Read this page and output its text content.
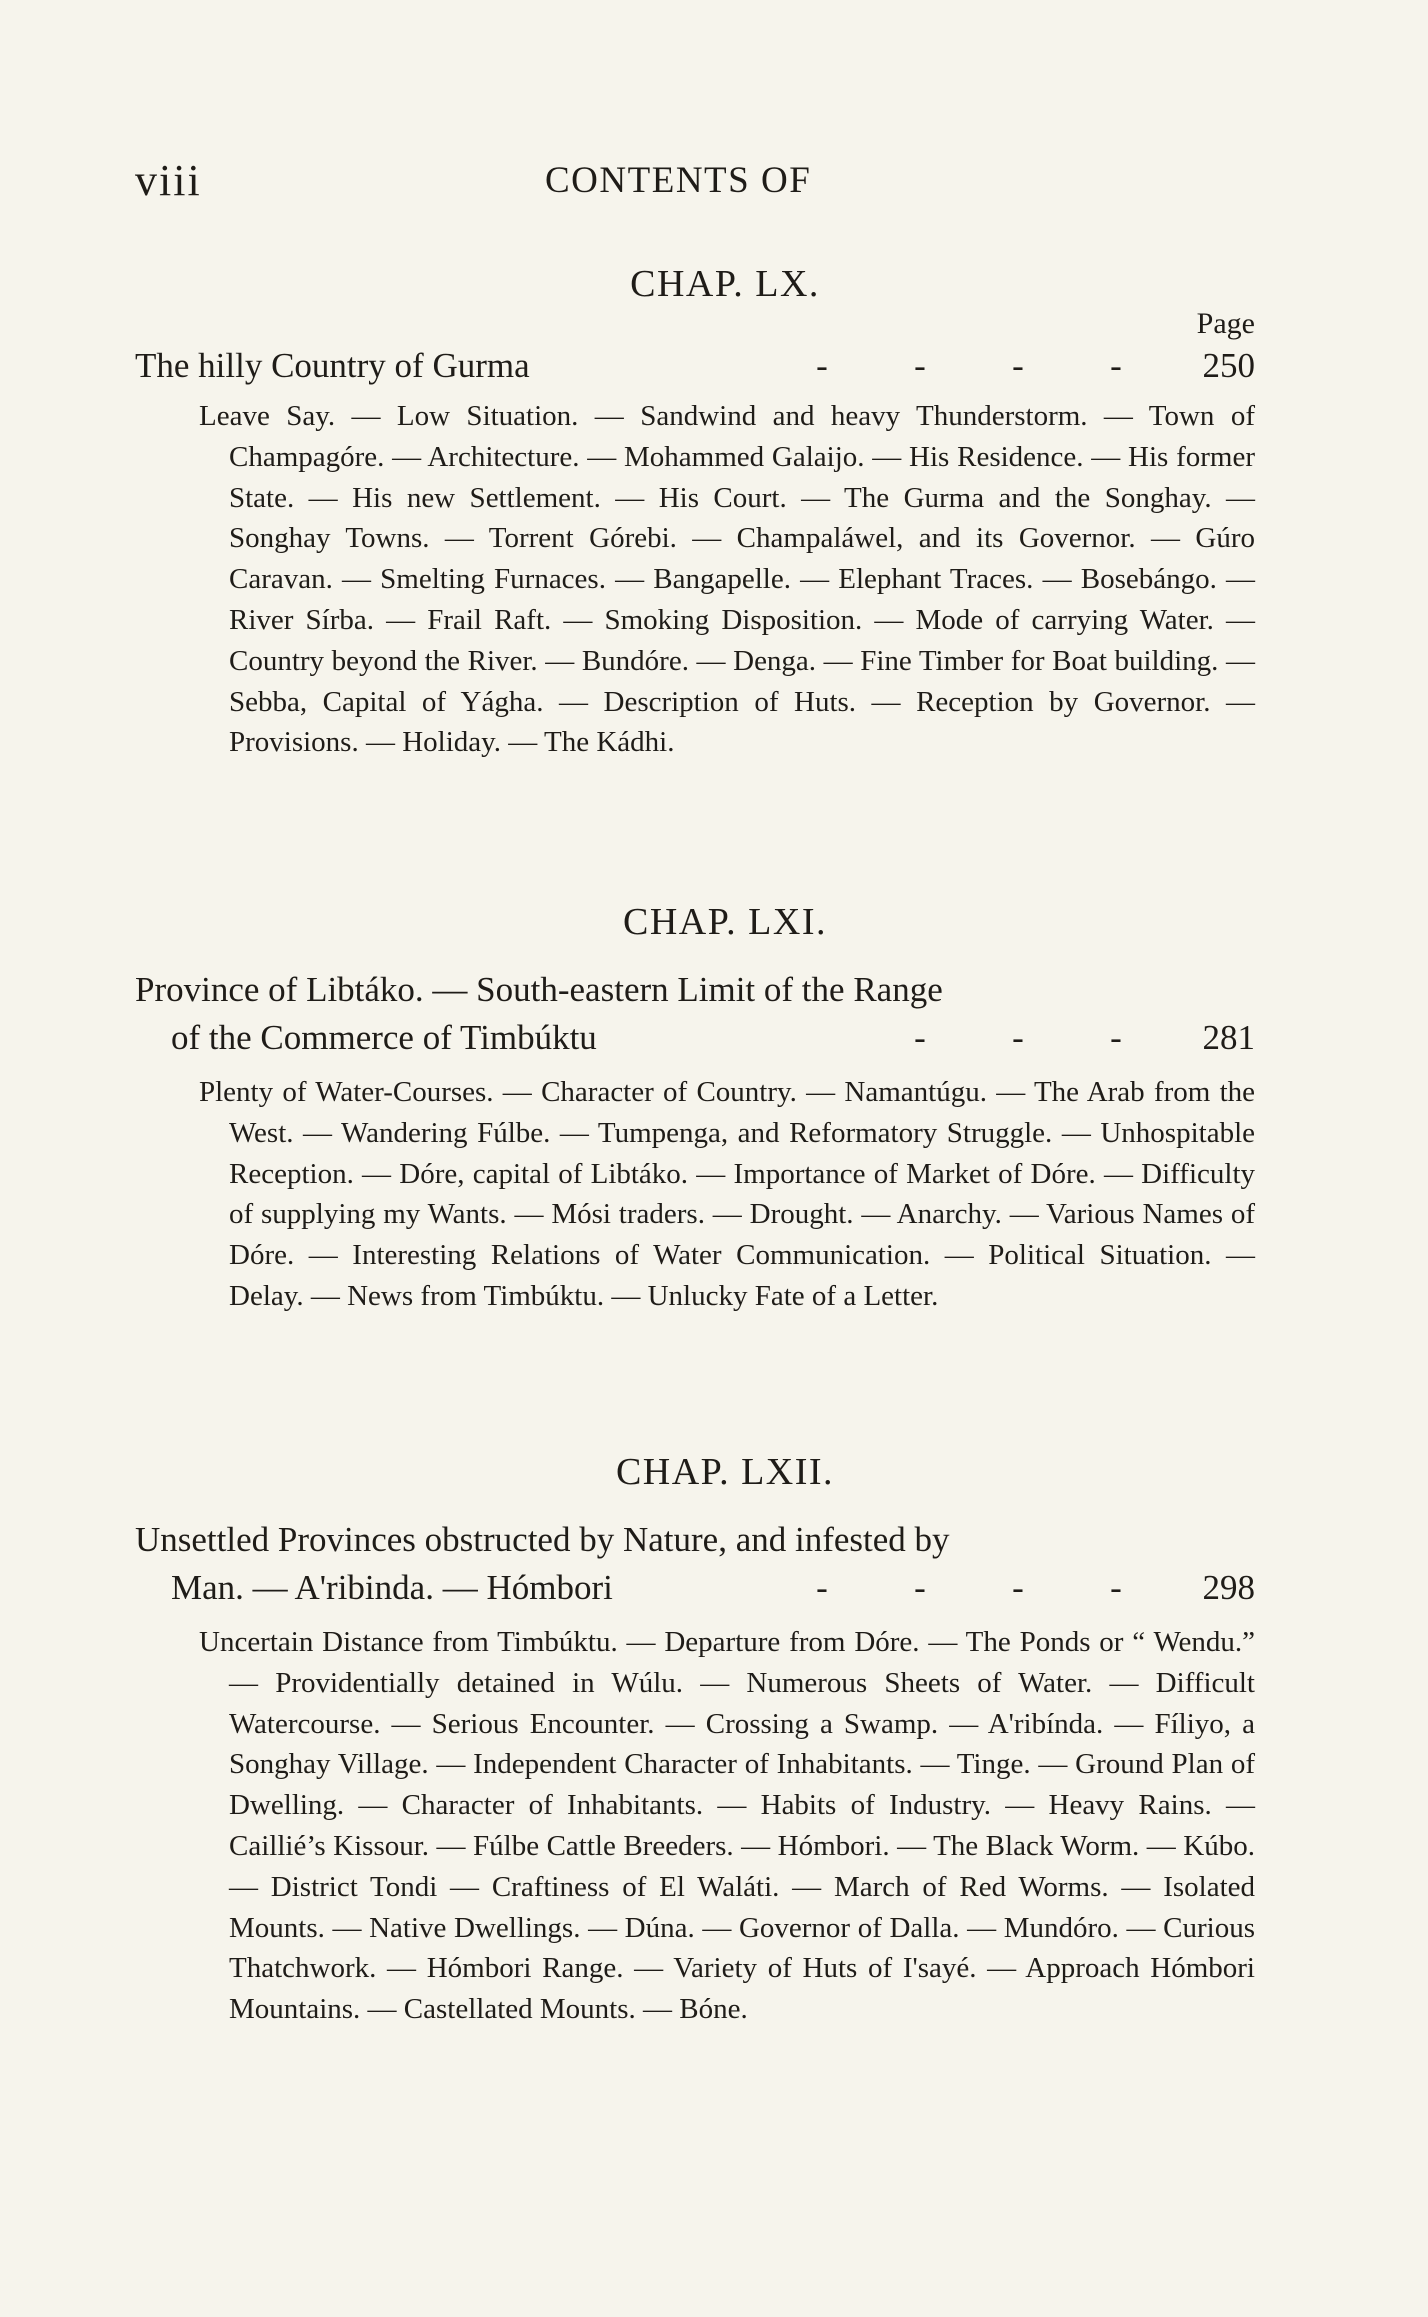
viii	CONTENTS OF
CHAP. LX.
Page
The hilly Country of Gurma	- - - -	250
Leave Say. — Low Situation. — Sandwind and heavy Thunderstorm. — Town of Champagóre. — Architecture. — Mohammed Galaijo. — His Residence. — His former State. — His new Settlement. — His Court. — The Gurma and the Songhay. — Songhay Towns. — Torrent Górebi. — Champaláwel, and its Governor. — Gúro Caravan. — Smelting Furnaces. — Bangapelle. — Elephant Traces. — Bosebángo. — River Sírba. — Frail Raft. — Smoking Disposition. — Mode of carrying Water. — Country beyond the River. — Bundóre. — Denga. — Fine Timber for Boat building. — Sebba, Capital of Yágha. — Description of Huts. — Reception by Governor. — Provisions. — Holiday. — The Kádhi.
CHAP. LXI.
Province of Libtáko. — South-eastern Limit of the Range
of the Commerce of Timbúktu	- - -	281
Plenty of Water-Courses. — Character of Country. — Namantúgu. — The Arab from the West. — Wandering Fúlbe. — Tumpenga, and Reformatory Struggle. — Unhospitable Reception. — Dóre, capital of Libtáko. — Importance of Market of Dóre. — Difficulty of supplying my Wants. — Mósi traders. — Drought. — Anarchy. — Various Names of Dóre. — Interesting Relations of Water Communication. — Political Situation. — Delay. — News from Timbúktu. — Unlucky Fate of a Letter.
CHAP. LXII.
Unsettled Provinces obstructed by Nature, and infested by
Man. — A'ribinda. — Hómbori	- - - -	298
Uncertain Distance from Timbúktu. — Departure from Dóre. — The Ponds or “ Wendu.” — Providentially detained in Wúlu. — Numerous Sheets of Water. — Difficult Watercourse. — Serious Encounter. — Crossing a Swamp. — A'ribínda. — Fíliyo, a Songhay Village. — Independent Character of Inhabitants. — Tinge. — Ground Plan of Dwelling. — Character of Inhabitants. — Habits of Industry. — Heavy Rains. — Caillié’s Kissour. — Fúlbe Cattle Breeders. — Hómbori. — The Black Worm. — Kúbo. — District Tondi — Craftiness of El Waláti. — March of Red Worms. — Isolated Mounts. — Native Dwellings. — Dúna. — Governor of Dalla. — Mundóro. — Curious Thatchwork. — Hómbori Range. — Variety of Huts of I'sayé. — Approach Hómbori Mountains. — Castellated Mounts. — Bóne.
